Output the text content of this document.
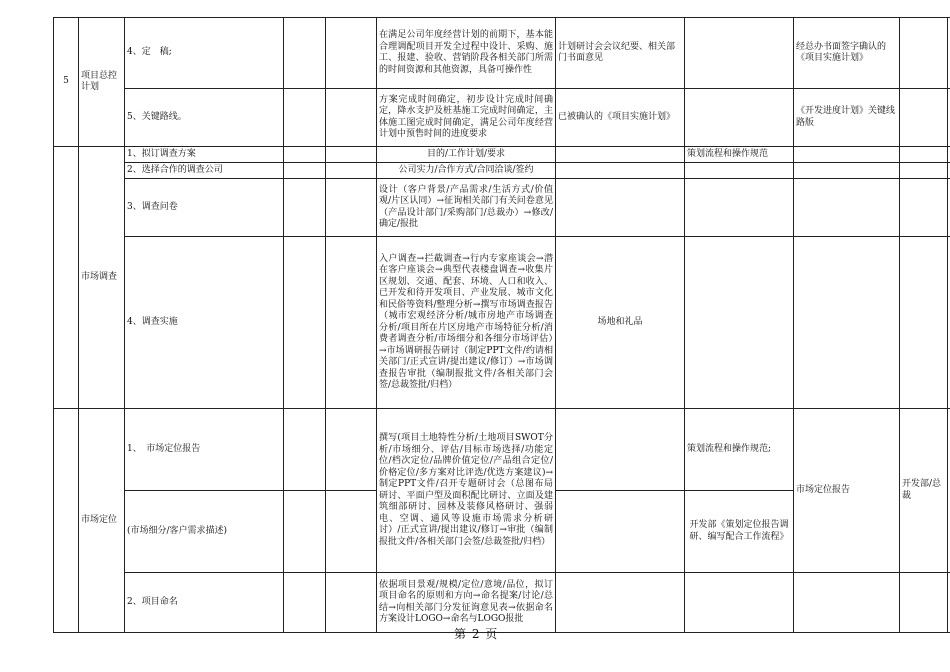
5	项目总控计划	4、定　稿;			在满足公司年度经营计划的前期下，基本能合理调配项目开发全过程中设计、采购、施工、报建、验收、营销阶段各相关部门所需的时间资源和其他资源，具备可操作性	计划研讨会会议纪要、相关部门书面意见		经总办书面签字确认的《项目实施计划》		
		5、关键路线。			方案完成时间确定，初步设计完成时间确定，降水支护及桩基施工完成时间确定，主体施工图完成时间确定，满足公司年度经营计划中预售时间的进度要求	已被确认的《项目实施计划》		《开发进度计划》关键线路版		
	市场调查	1、拟订调查方案			目的/工作计划/要求		策划流程和操作规范			
		2、选择合作的调查公司			公司实力/合作方式/合同洽谈/签约					
		3、调查问卷			设计（客户背景/产品需求/生活方式/价值观/片区认同）→征询相关部门有关问卷意见（产品设计部门/采购部门/总裁办）→修改/确定/报批					
		4、调查实施			入户调查→拦截调查→行内专家座谈会→潜在客户座谈会→典型代表楼盘调查→收集片区规划、交通、配套、环境、人口和收入、已开发和待开发项目、产业发展、城市文化和民俗等资料/整理分析→撰写市场调查报告（城市宏观经济分析/城市房地产市场调查分析/项目所在片区房地产市场特征分析/消费者调查分析/市场细分和各细分市场评估）→市场调研报告研讨（制定PPT文件/约请相关部门/正式宣讲/提出建议/修订）→市场调查报告审批（编制报批文件/各相关部门会签/总裁签批/归档）	场地和礼品				
	市场定位	1、　市场定位报告			撰写(项目土地特性分析/土地项目SWOT分析/市场细分、评估/目标市场选择/功能定位/档次定位/品牌价值定位/产品组合定位/价格定位/多方案对比评选/优选方案建议)→制定PPT文件/召开专题研讨会（总图布局研讨、平面户型及面积配比研讨、立面及建筑细部研讨、园林及装修风格研讨、强弱电、空调、通风等设施市场需求分析研讨）/正式宣讲/提出建议/修订→审批（编制报批文件/各相关部门会签/总裁签批/归档）		策划流程和操作规范;	市场定位报告	开发部/总裁	
		(市场细分/客户需求描述)					开发部《策划定位报告调研、编写配合工作流程》			
		2、项目命名			依据项目景观/规模/定位/意境/品位，拟订项目命名的原则和方向→命名提案/讨论/总结→向相关部门分发征询意见表→依据命名方案设计LOGO→命名与LOGO报批					
第 2 页
